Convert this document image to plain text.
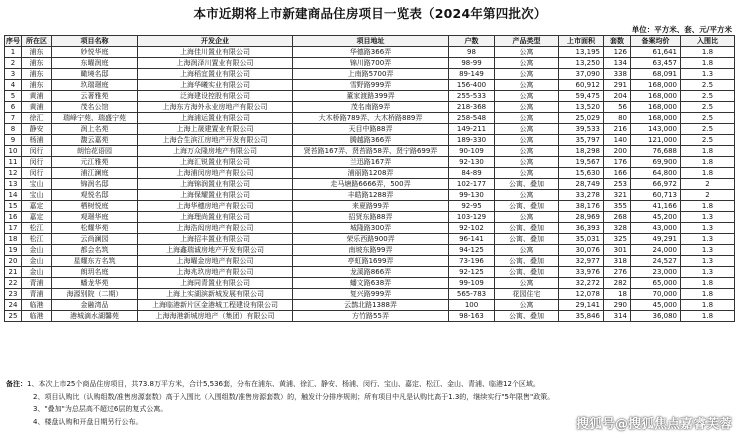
本市近期将上市新建商品住房项目一览表（2024年第四批次）
单位：平方米、套、元/平方米
序号	所在区	项目名称	开发企业	项目地址	户数	产品类型	上市面积	套数	备案均价	入围比
1	浦东	妙悦华庭	上海佳川置业有限公司	华德路366弄	98	公寓	13,195	126	61,641	1.8
2	浦东	东曜润庭	上海润泽川置业有限公司	锦川路700弄	98-99	公寓	13,250	134	63,457	1.8
3	浦东	瞰境名邸	上海稻宜置业有限公司	上南路5700弄	89-149	公寓	37,090	338	68,091	1.3
4	浦东	玖瑞璟庭	上海华曦实业有限公司	雪野路999弄	156-400	公寓	60,912	291	168,000	2.5
5	黄浦	云著雅苑	泛海建设控股有限公司	董家渡路399弄	255-533	公寓	59,475	204	168,000	2.5
6	黄浦	茂名公馆	上海东方海外永业房地产有限公司	茂名南路9弄	218-368	公寓	13,520	56	168,000	2.5
7	徐汇	瑞峰宁苑、瑞盛宁苑	上海浦运置业有限公司	大木桥路789弄、大木桥路889弄	258-548	公寓	25,029	80	168,000	2.5
8	静安	润上名苑	上海上晟建置业有限公司	天目中路88弄	149-211	公寓	39,533	216	143,000	2.5
9	杨浦	馥云嘉苑	上海合生滨江房地产开发有限公司	腾越路366弄	189-330	公寓	35,797	140	121,000	2.5
10	闵行	朗怡花语园	上海万众隆房地产有限公司	贤苔路167弄、贤苔路58弄、贤宁路699弄	90-109	公寓	18,298	200	76,688	1.8
11	闵行	元江雅苑	上海汇锐置业有限公司	兰迅路167弄	92-130	公寓	19,567	176	69,900	1.8
12	闵行	浦江澜庭	上海浦闵房地产有限公司	浦丽路1208弄	84-89	公寓	15,630	166	64,800	1.8
13	宝山	锦润名邸	上海锦润置业有限公司	走马塘路6666弄，500弄	102-177	公寓、叠加	28,749	253	66,972	2
14	宝山	观悦名邸	上海保耀置业有限公司	丰皓路1288弄	99-130	公寓	33,278	321	60,713	2
15	嘉定	栖树悦庭	上海华穗房地产有限公司	来夏路99弄	92-95	公寓、叠加	38,176	355	41,166	1.8
16	嘉定	观璟华庭	上海理尚置业有限公司	招贤东路88弄	103-129	公寓	28,969	268	45,200	1.3
17	松江	松耀华苑	上海浩闳房地产有限公司	城隆路300弄	92-102	公寓、叠加	36,393	328	43,000	1.3
18	松江	云尚澜园	上海招丰置业有限公司	荣乐西路900弄	96-141	公寓、叠加	35,031	325	49,291	1.3
19	金山	都会名筑	上海鑫瑞诚房地产开发有限公司	南坡东路99弄	94-125	公寓	30,076	301	24,000	1.3
20	金山	星耀东方名筑	上海曜金房地产有限公司	亭虹路1699弄	73-196	公寓、叠加	32,977	318	24,527	1.3
21	金山	朗玥名庭	上海兆玖房地产有限公司	龙溪路866弄	92-125	公寓、叠加	33,976	276	23,000	1.3
22	青浦	蟠龙华苑	上海同青置业有限公司	蟠文路638弄	99-109	公寓	32,272	282	65,000	1.8
23	青浦	海源别院（二期）	上海上实湖滨新城发展有限公司	复兴路999弄	565-783	花园住宅	12,078	18	70,000	1.8
24	临港	金融湾品	上海临港新片区金港城工程建设有限公司	云鹊北路1388弄	100	公寓	29,141	290	45,000	1.8
25	临港	港城滴水湖馨苑	上海海港新城房地产（集团）有限公司	方竹路55弄	98-163	公寓、叠加	35,846	314	36,080	1.8
备注：1、本次上市25个商品住房项目，共73.8万平方米，合计5,536套，分布在浦东、黄浦、徐汇、静安、杨浦、闵行、宝山、嘉定、松江、金山、青浦、临港12个区域。
2、项目认购比（认购组数/准售房源套数）高于入围比（入围组数/准售房源套数）的，触发计分排序规则；所有项目中凡是认购比高于1.3的，继续实行"5年限售"政策。
3、"叠加"为总层高不超过6层的复式公寓。
4、楼盘认购和开盘日期另行公布。	搜狐号@搜狐焦点嘉睿芙蓉
